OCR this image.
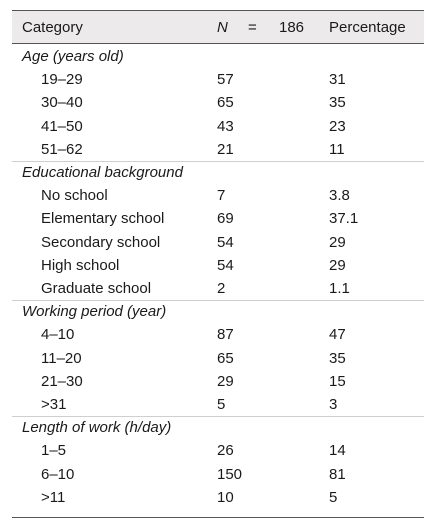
Category	N = 186 Percentage
Age (years old)
19–29	57	31
30–40	65	35
41–50	43	23
51–62	21	11
Educational background
No school	7	3.8
Elementary school	69	37.1
Secondary school	54	29
High school	54	29
Graduate school	2	1.1
Working period (year)
4–10	87	47
11–20	65	35
21–30	29	15
>31	5	3
Length of work (h/day)
1–5	26	14
6–10	150	81
>11	10	5
